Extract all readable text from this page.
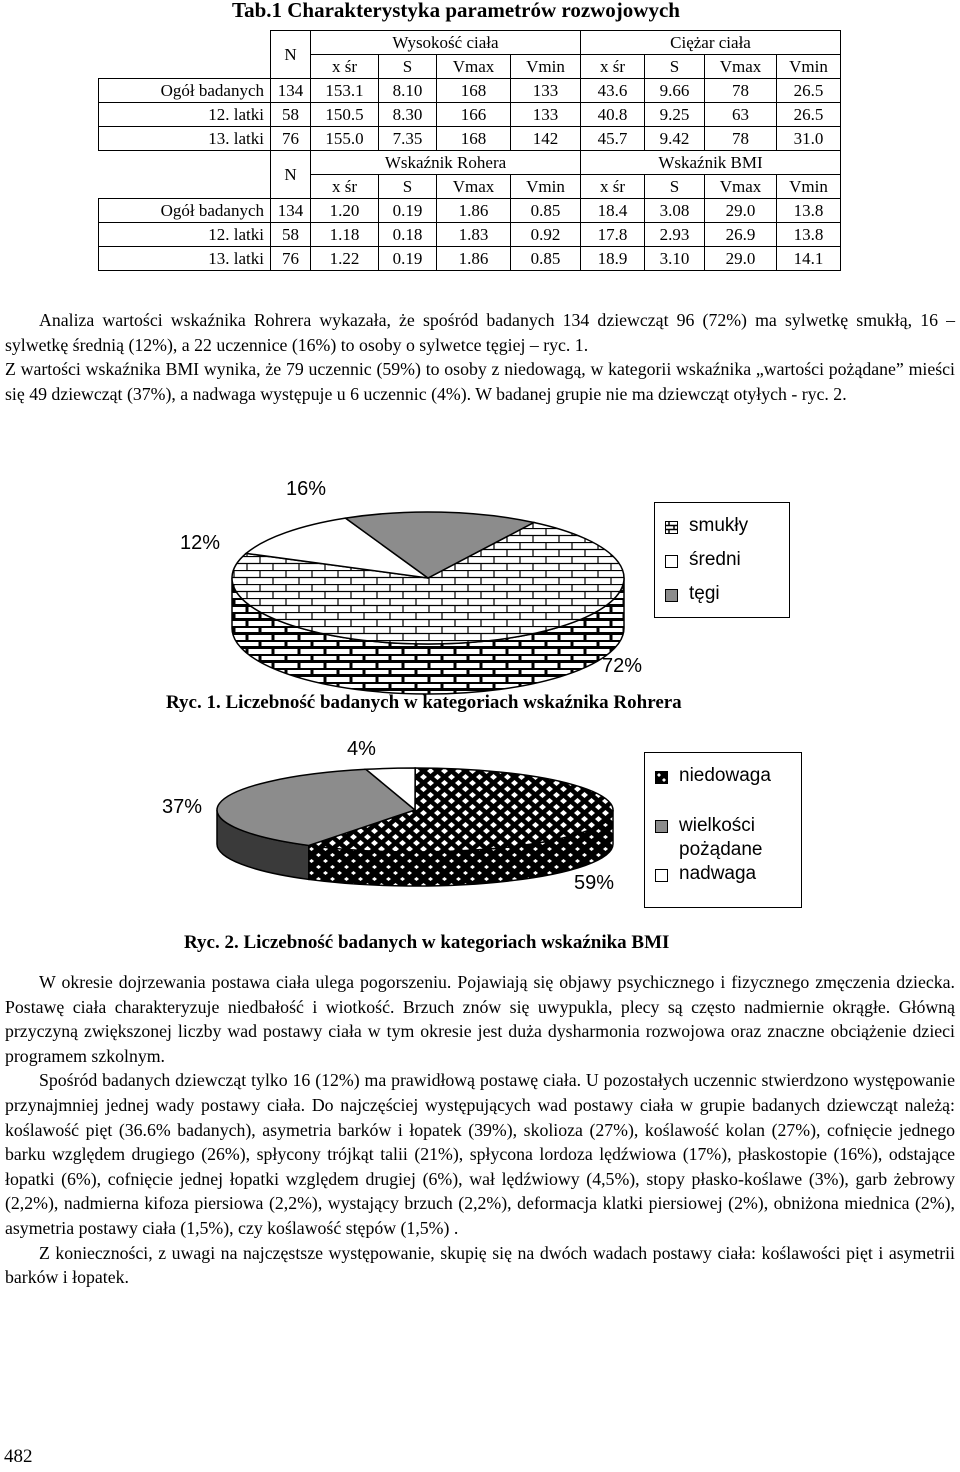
Tab.1 Charakterystyka parametrów rozwojowych
	N	Wysokość ciała				Ciężar ciała			
		x śr	S	Vmax	Vmin	x śr	S	Vmax	Vmin
Ogół badanych	134	153.1	8.10	168	133	43.6	9.66	78	26.5
12. latki	58	150.5	8.30	166	133	40.8	9.25	63	26.5
13. latki	76	155.0	7.35	168	142	45.7	9.42	78	31.0
	N	Wskaźnik Rohera				Wskaźnik BMI			
		x śr	S	Vmax	Vmin	x śr	S	Vmax	Vmin
Ogół badanych	134	1.20	0.19	1.86	0.85	18.4	3.08	29.0	13.8
12. latki	58	1.18	0.18	1.83	0.92	17.8	2.93	26.9	13.8
13. latki	76	1.22	0.19	1.86	0.85	18.9	3.10	29.0	14.1

Analiza wartości wskaźnika Rohrera wykazała, że spośród badanych 134 dziewcząt 96 (72%) ma sylwetkę smukłą, 16 – sylwetkę średnią (12%), a 22 uczennice (16%) to osoby o sylwetce tęgiej – ryc. 1.

Z wartości wskaźnika BMI wynika, że 79 uczennic (59%) to osoby z niedowagą, w kategorii wskaźnika „wartości pożądane” mieści się 49 dziewcząt (37%), a nadwaga występuje u 6 uczennic (4%). W badanej grupie nie ma dziewcząt otyłych - ryc. 2.

16%
12%
72%
smukły
średni
tęgi
Ryc. 1. Liczebność badanych w kategoriach wskaźnika Rohrera
4%
37%
59%
niedowaga
wielkości pożądane
nadwaga
Ryc. 2. Liczebność badanych w kategoriach wskaźnika BMI

W okresie dojrzewania postawa ciała ulega pogorszeniu. Pojawiają się objawy psychicznego i fizycznego zmęczenia dziecka. Postawę ciała charakteryzuje niedbałość i wiotkość. Brzuch znów się uwypukla, plecy są często nadmiernie okrągłe. Główną przyczyną zwiększonej liczby wad postawy ciała w tym okresie jest duża dysharmonia rozwojowa oraz znaczne obciążenie dzieci programem szkolnym.

Spośród badanych dziewcząt tylko 16 (12%) ma prawidłową postawę ciała. U pozostałych uczennic stwierdzono występowanie przynajmniej jednej wady postawy ciała. Do najczęściej występujących wad postawy ciała w grupie badanych dziewcząt należą: koślawość pięt (36.6% badanych), asymetria barków i łopatek (39%), skolioza (27%), koślawość kolan (27%), cofnięcie jednego barku względem drugiego (26%), spłycony trójkąt talii (21%), spłycona lordoza lędźwiowa (17%), płaskostopie (16%), odstające łopatki (6%), cofnięcie jednej łopatki względem drugiej (6%), wał lędźwiowy (4,5%), stopy płasko-koślawe (3%), garb żebrowy (2,2%), nadmierna kifoza piersiowa (2,2%), wystający brzuch (2,2%), deformacja klatki piersiowej (2%), obniżona miednica (2%), asymetria postawy ciała (1,5%), czy koślawość stępów (1,5%) .

Z konieczności, z uwagi na najczęstsze występowanie, skupię się na dwóch wadach postawy ciała: koślawości pięt i asymetrii barków i łopatek.

482
